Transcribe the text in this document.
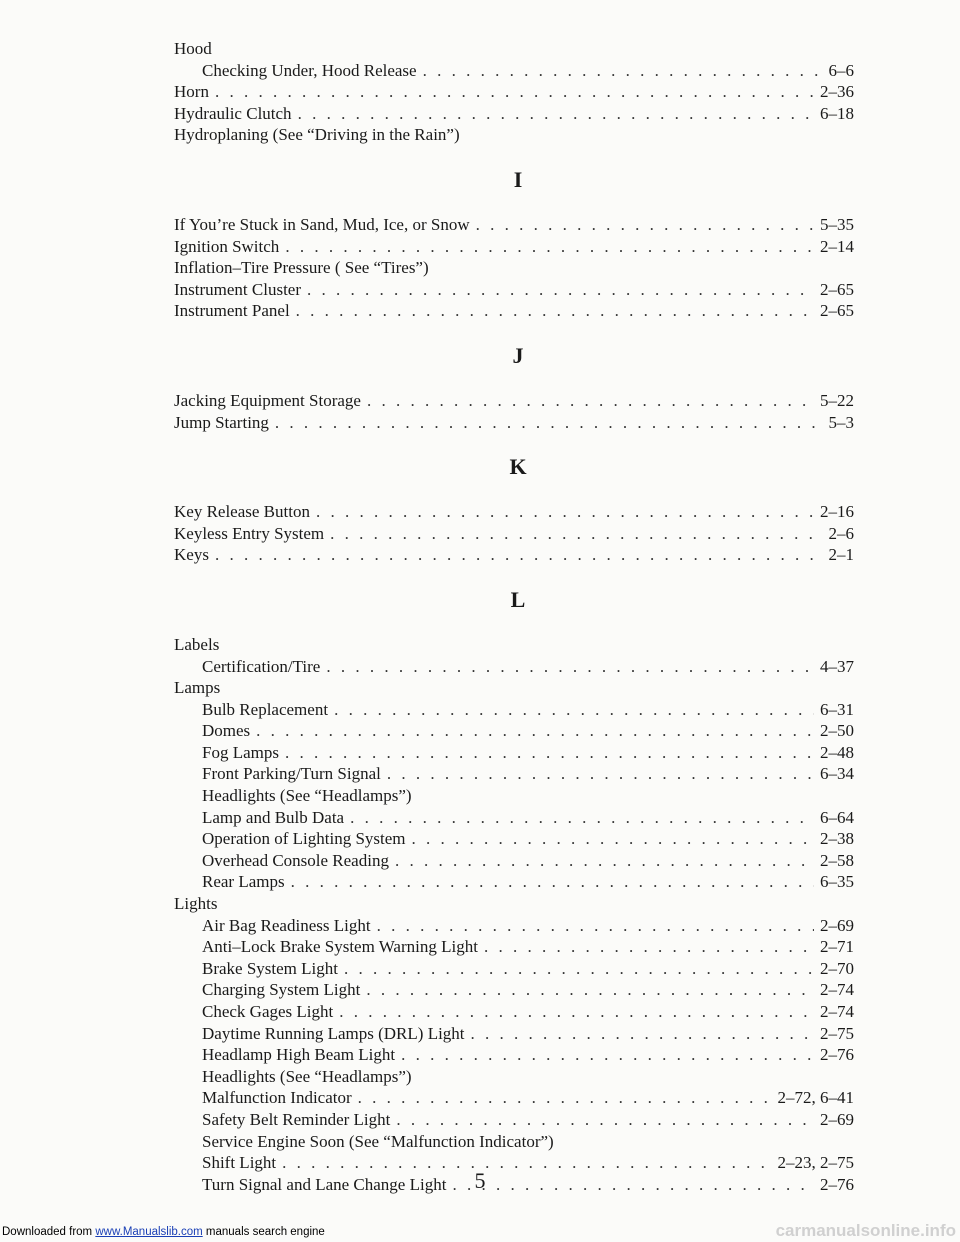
Hood
Checking Under, Hood Release . . .	6–6
Horn . . .	2–36
Hydraulic Clutch . . .	6–18
Hydroplaning (See “Driving in the Rain”)
I
If You’re Stuck in Sand, Mud, Ice, or Snow . . .	5–35
Ignition Switch . . .	2–14
Inflation–Tire Pressure ( See “Tires”)
Instrument Cluster . . .	2–65
Instrument Panel . . .	2–65
J
Jacking Equipment Storage . . .	5–22
Jump Starting . . .	5–3
K
Key Release Button . . .	2–16
Keyless Entry System . . .	2–6
Keys . . .	2–1
L
Labels
Certification/Tire . . .	4–37
Lamps
Bulb Replacement . . .	6–31
Domes . . .	2–50
Fog Lamps . . .	2–48
Front Parking/Turn Signal . . .	6–34
Headlights (See “Headlamps”)
Lamp and Bulb Data . . .	6–64
Operation of Lighting System . . .	2–38
Overhead Console Reading . . .	2–58
Rear Lamps . . .	6–35
Lights
Air Bag Readiness Light . . .	2–69
Anti–Lock Brake System Warning Light . . .	2–71
Brake System Light . . .	2–70
Charging System Light . . .	2–74
Check Gages Light . . .	2–74
Daytime Running Lamps (DRL) Light . . .	2–75
Headlamp High Beam Light . . .	2–76
Headlights (See “Headlamps”)
Malfunction Indicator . . .	2–72, 6–41
Safety Belt Reminder Light . . .	2–69
Service Engine Soon (See “Malfunction Indicator”)
Shift Light . . .	2–23, 2–75
Turn Signal and Lane Change Light . . .	2–76
5
Downloaded from www.Manualslib.com manuals search engine	carmanualsonline.info
